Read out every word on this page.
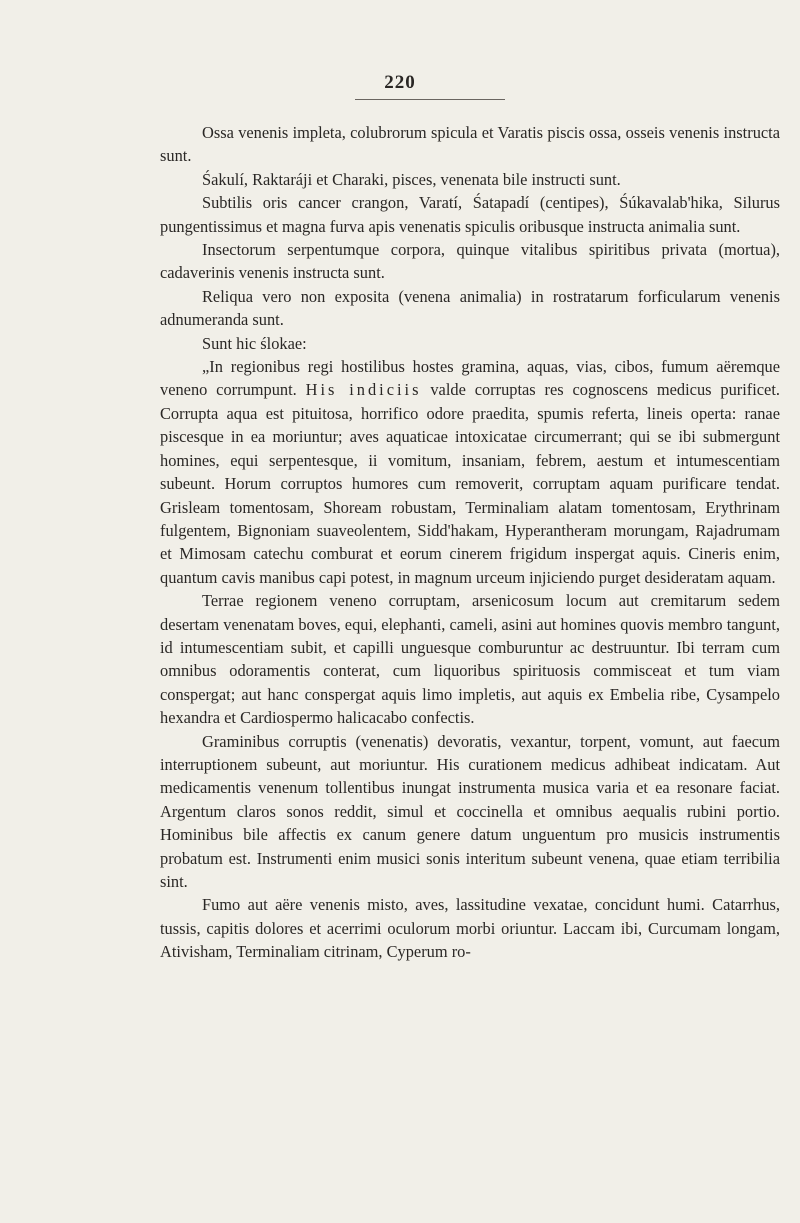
220

Ossa venenis impleta, colubrorum spicula et Varatis piscis ossa, osseis venenis instructa sunt.

Śakulí, Raktaráji et Charaki, pisces, venenata bile instructi sunt.

Subtilis oris cancer crangon, Varatí, Śatapadí (centipes), Śúkavalab'hika, Silurus pungentissimus et magna furva apis venenatis spiculis oribusque instructa animalia sunt.

Insectorum serpentumque corpora, quinque vitalibus spiritibus privata (mortua), cadaverinis venenis instructa sunt.

Reliqua vero non exposita (venena animalia) in rostratarum forficularum venenis adnumeranda sunt.

Sunt hic ślokae:

„In regionibus regi hostilibus hostes gramina, aquas, vias, cibos, fumum aëremque veneno corrumpunt. His indiciis valde corruptas res cognoscens medicus purificet. Corrupta aqua est pituitosa, horrifico odore praedita, spumis referta, lineis operta: ranae piscesque in ea moriuntur; aves aquaticae intoxicatae circumerrant; qui se ibi submergunt homines, equi serpentesque, ii vomitum, insaniam, febrem, aestum et intumescentiam subeunt. Horum corruptos humores cum removerit, corruptam aquam purificare tendat. Grisleam tomentosam, Shoream robustam, Terminaliam alatam tomentosam, Erythrinam fulgentem, Bignoniam suaveolentem, Sidd'hakam, Hyperantheram morungam, Rajadrumam et Mimosam catechu comburat et eorum cinerem frigidum inspergat aquis. Cineris enim, quantum cavis manibus capi potest, in magnum urceum injiciendo purget desideratam aquam.

Terrae regionem veneno corruptam, arsenicosum locum aut cremitarum sedem desertam venenatam boves, equi, elephanti, cameli, asini aut homines quovis membro tangunt, id intumescentiam subit, et capilli unguesque comburuntur ac destruuntur. Ibi terram cum omnibus odoramentis conterat, cum liquoribus spirituosis commisceat et tum viam conspergat; aut hanc conspergat aquis limo impletis, aut aquis ex Embelia ribe, Cysampelo hexandra et Cardiospermo halicacabo confectis.

Graminibus corruptis (venenatis) devoratis, vexantur, torpent, vomunt, aut faecum interruptionem subeunt, aut moriuntur. His curationem medicus adhibeat indicatam. Aut medicamentis venenum tollentibus inungat instrumenta musica varia et ea resonare faciat. Argentum claros sonos reddit, simul et coccinella et omnibus aequalis rubini portio. Hominibus bile affectis ex canum genere datum unguentum pro musicis instrumentis probatum est. Instrumenti enim musici sonis interitum subeunt venena, quae etiam terribilia sint.

Fumo aut aëre venenis misto, aves, lassitudine vexatae, concidunt humi. Catarrhus, tussis, capitis dolores et acerrimi oculorum morbi oriuntur. Laccam ibi, Curcumam longam, Ativisham, Terminaliam citrinam, Cyperum ro-
